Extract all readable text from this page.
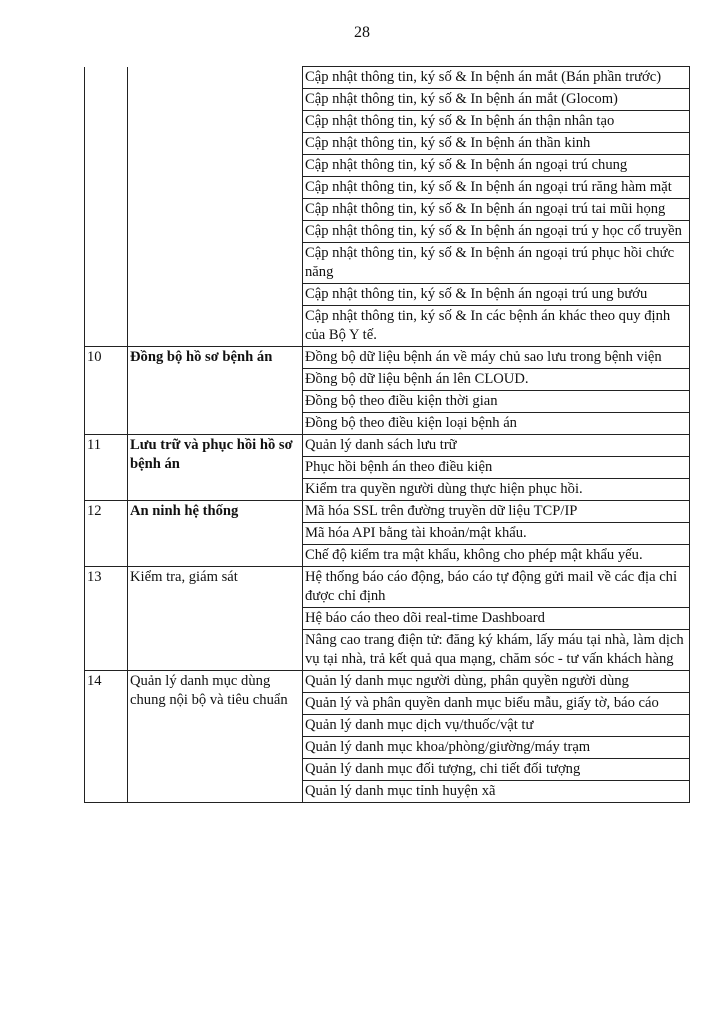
28
		Cập nhật thông tin, ký số & In bệnh án mắt (Bán phần trước)
		Cập nhật thông tin, ký số & In bệnh án mắt (Glocom)
		Cập nhật thông tin, ký số & In bệnh án thận nhân tạo
		Cập nhật thông tin, ký số & In bệnh án thần kinh
		Cập nhật thông tin, ký số & In bệnh án ngoại trú chung
		Cập nhật thông tin, ký số & In bệnh án ngoại trú răng hàm mặt
		Cập nhật thông tin, ký số & In bệnh án ngoại trú tai mũi họng
		Cập nhật thông tin, ký số & In bệnh án ngoại trú y học cổ truyền
		Cập nhật thông tin, ký số & In bệnh án ngoại trú phục hồi chức năng
		Cập nhật thông tin, ký số & In bệnh án ngoại trú ung bướu
		Cập nhật thông tin, ký số & In các bệnh án khác theo quy định của Bộ Y tế.
10	Đồng bộ hồ sơ bệnh án	Đồng bộ dữ liệu bệnh án về máy chủ sao lưu trong bệnh viện
		Đồng bộ dữ liệu bệnh án lên CLOUD.
		Đồng bộ theo điều kiện thời gian
		Đồng bộ theo điều kiện loại bệnh án
11	Lưu trữ và phục hồi hồ sơ bệnh án	Quản lý danh sách lưu trữ
		Phục hồi bệnh án theo điều kiện
		Kiểm tra quyền người dùng thực hiện phục hồi.
12	An ninh hệ thống	Mã hóa SSL trên đường truyền dữ liệu TCP/IP
		Mã hóa API bằng tài khoản/mật khẩu.
		Chế độ kiểm tra mật khẩu, không cho phép mật khẩu yếu.
13	Kiểm tra, giám sát	Hệ thống báo cáo động, báo cáo tự động gửi mail về các địa chỉ được chỉ định
		Hệ báo cáo theo dõi real-time Dashboard
		Nâng cao trang điện tử: đăng ký khám, lấy máu tại nhà, làm dịch vụ tại nhà, trả kết quả qua mạng, chăm sóc - tư vấn khách hàng
14	Quản lý danh mục dùng chung nội bộ và tiêu chuẩn	Quản lý danh mục người dùng, phân quyền người dùng
		Quản lý và phân quyền danh mục biểu mẫu, giấy tờ, báo cáo
		Quản lý danh mục dịch vụ/thuốc/vật tư
		Quản lý danh mục khoa/phòng/giường/máy trạm
		Quản lý danh mục đối tượng, chi tiết đối tượng
		Quản lý danh mục tỉnh huyện xã
